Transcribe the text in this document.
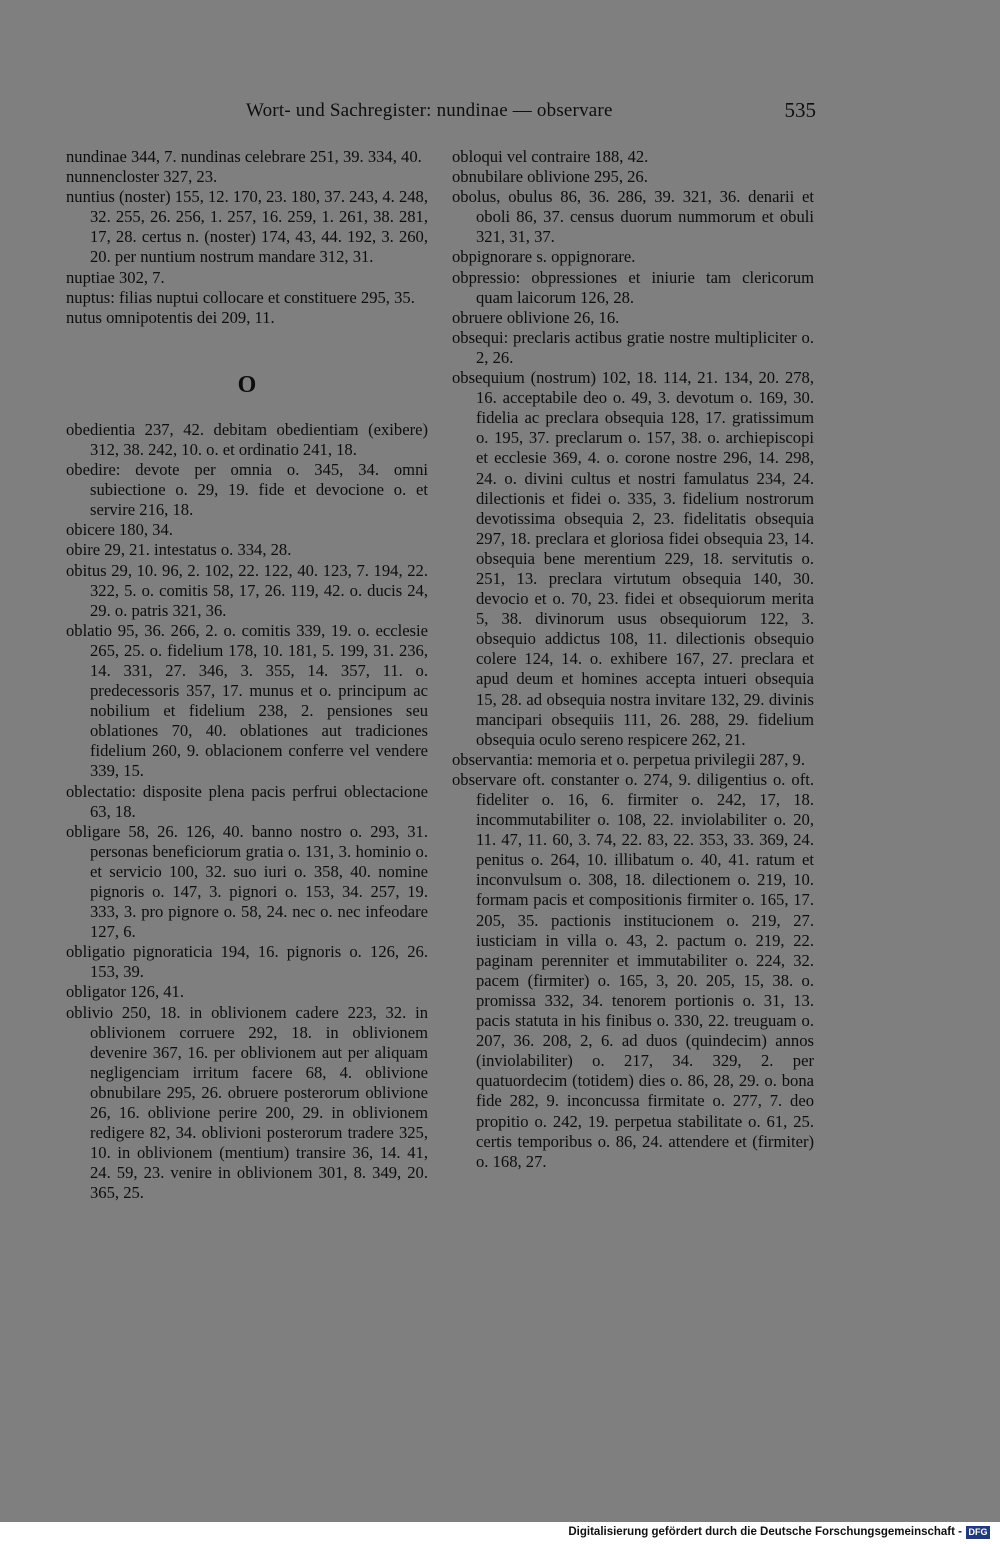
Wort- und Sachregister: nundinae — observare	535

nundinae 344, 7. nundinas celebrare 251, 39. 334, 40.

nunnencloster 327, 23.

nuntius (noster) 155, 12. 170, 23. 180, 37. 243, 4. 248, 32. 255, 26. 256, 1. 257, 16. 259, 1. 261, 38. 281, 17, 28. certus n. (noster) 174, 43, 44. 192, 3. 260, 20. per nuntium nostrum mandare 312, 31.

nuptiae 302, 7.

nuptus: filias nuptui collocare et constituere 295, 35.

nutus omnipotentis dei 209, 11.

O

obedientia 237, 42. debitam obedientiam (exibere) 312, 38. 242, 10. o. et ordinatio 241, 18.

obedire: devote per omnia o. 345, 34. omni subiectione o. 29, 19. fide et devocione o. et servire 216, 18.

obicere 180, 34.

obire 29, 21. intestatus o. 334, 28.

obitus 29, 10. 96, 2. 102, 22. 122, 40. 123, 7. 194, 22. 322, 5. o. comitis 58, 17, 26. 119, 42. o. ducis 24, 29. o. patris 321, 36.

oblatio 95, 36. 266, 2. o. comitis 339, 19. o. ecclesie 265, 25. o. fidelium 178, 10. 181, 5. 199, 31. 236, 14. 331, 27. 346, 3. 355, 14. 357, 11. o. predecessoris 357, 17. munus et o. principum ac nobilium et fidelium 238, 2. pensiones seu oblationes 70, 40. oblationes aut tradiciones fidelium 260, 9. oblacionem conferre vel vendere 339, 15.

oblectatio: disposite plena pacis perfrui oblectacione 63, 18.

obligare 58, 26. 126, 40. banno nostro o. 293, 31. personas beneficiorum gratia o. 131, 3. hominio o. et servicio 100, 32. suo iuri o. 358, 40. nomine pignoris o. 147, 3. pignori o. 153, 34. 257, 19. 333, 3. pro pignore o. 58, 24. nec o. nec infeodare 127, 6.

obligatio pignoraticia 194, 16. pignoris o. 126, 26. 153, 39.

obligator 126, 41.

oblivio 250, 18. in oblivionem cadere 223, 32. in oblivionem corruere 292, 18. in oblivionem devenire 367, 16. per oblivionem aut per aliquam negligenciam irritum facere 68, 4. oblivione obnubilare 295, 26. obruere posterorum oblivione 26, 16. oblivione perire 200, 29. in oblivionem redigere 82, 34. oblivioni posterorum tradere 325, 10. in oblivionem (mentium) transire 36, 14. 41, 24. 59, 23. venire in oblivionem 301, 8. 349, 20. 365, 25.

obloqui vel contraire 188, 42.

obnubilare oblivione 295, 26.

obolus, obulus 86, 36. 286, 39. 321, 36. denarii et oboli 86, 37. census duorum nummorum et obuli 321, 31, 37.

obpignorare s. oppignorare.

obpressio: obpressiones et iniurie tam clericorum quam laicorum 126, 28.

obruere oblivione 26, 16.

obsequi: preclaris actibus gratie nostre multipliciter o. 2, 26.

obsequium (nostrum) 102, 18. 114, 21. 134, 20. 278, 16. acceptabile deo o. 49, 3. devotum o. 169, 30. fidelia ac preclara obsequia 128, 17. gratissimum o. 195, 37. preclarum o. 157, 38. o. archiepiscopi et ecclesie 369, 4. o. corone nostre 296, 14. 298, 24. o. divini cultus et nostri famulatus 234, 24. dilectionis et fidei o. 335, 3. fidelium nostrorum devotissima obsequia 2, 23. fidelitatis obsequia 297, 18. preclara et gloriosa fidei obsequia 23, 14. obsequia bene merentium 229, 18. servitutis o. 251, 13. preclara virtutum obsequia 140, 30. devocio et o. 70, 23. fidei et obsequiorum merita 5, 38. divinorum usus obsequiorum 122, 3. obsequio addictus 108, 11. dilectionis obsequio colere 124, 14. o. exhibere 167, 27. preclara et apud deum et homines accepta intueri obsequia 15, 28. ad obsequia nostra invitare 132, 29. divinis mancipari obsequiis 111, 26. 288, 29. fidelium obsequia oculo sereno respicere 262, 21.

observantia: memoria et o. perpetua privilegii 287, 9.

observare oft. constanter o. 274, 9. diligentius o. oft. fideliter o. 16, 6. firmiter o. 242, 17, 18. incommutabiliter o. 108, 22. inviolabiliter o. 20, 11. 47, 11. 60, 3. 74, 22. 83, 22. 353, 33. 369, 24. penitus o. 264, 10. illibatum o. 40, 41. ratum et inconvulsum o. 308, 18. dilectionem o. 219, 10. formam pacis et compositionis firmiter o. 165, 17. 205, 35. pactionis institucionem o. 219, 27. iusticiam in villa o. 43, 2. pactum o. 219, 22. paginam perenniter et immutabiliter o. 224, 32. pacem (firmiter) o. 165, 3, 20. 205, 15, 38. o. promissa 332, 34. tenorem portionis o. 31, 13. pacis statuta in his finibus o. 330, 22. treuguam o. 207, 36. 208, 2, 6. ad duos (quindecim) annos (inviolabiliter) o. 217, 34. 329, 2. per quatuordecim (totidem) dies o. 86, 28, 29. o. bona fide 282, 9. inconcussa firmitate o. 277, 7. deo propitio o. 242, 19. perpetua stabilitate o. 61, 25. certis temporibus o. 86, 24. attendere et (firmiter) o. 168, 27.

Digitalisierung gefördert durch die Deutsche Forschungsgemeinschaft - DFG
